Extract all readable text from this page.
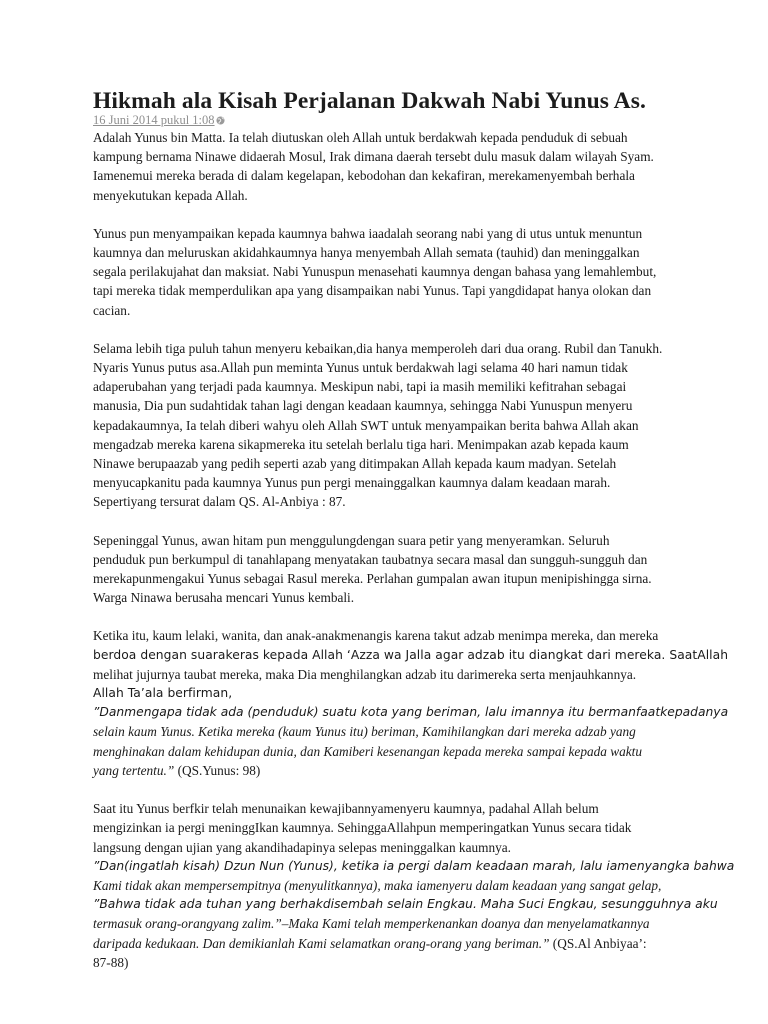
Hikmah ala Kisah Perjalanan Dakwah Nabi Yunus As.
16 Juni 2014 pukul 1:08
Adalah Yunus bin Matta. Ia telah diutuskan oleh Allah untuk berdakwah kepada penduduk di sebuah
kampung bernama Ninawe didaerah Mosul, Irak dimana daerah tersebt dulu masuk dalam wilayah Syam.
Iamenemui mereka berada di dalam kegelapan, kebodohan dan kekafiran, merekamenyembah berhala
menyekutukan kepada Allah.
Yunus pun menyampaikan kepada kaumnya bahwa iaadalah seorang nabi yang di utus untuk menuntun
kaumnya dan meluruskan akidahkaumnya hanya menyembah Allah semata (tauhid) dan meninggalkan
segala perilakujahat dan maksiat. Nabi Yunuspun menasehati kaumnya dengan bahasa yang lemahlembut,
tapi mereka tidak memperdulikan apa yang disampaikan nabi Yunus. Tapi yangdidapat hanya olokan dan
cacian.
Selama lebih tiga puluh tahun menyeru kebaikan,dia hanya memperoleh dari dua orang. Rubil dan Tanukh.
Nyaris Yunus putus asa.Allah pun meminta Yunus untuk berdakwah lagi selama 40 hari namun tidak
adaperubahan yang terjadi pada kaumnya. Meskipun nabi, tapi ia masih memiliki kefitrahan sebagai
manusia, Dia pun sudahtidak tahan lagi dengan keadaan kaumnya, sehingga Nabi Yunuspun menyeru
kepadakaumnya, Ia telah diberi wahyu oleh Allah SWT untuk menyampaikan berita bahwa Allah akan
mengadzab mereka karena sikapmereka itu setelah berlalu tiga hari. Menimpakan azab kepada kaum
Ninawe berupaazab yang pedih seperti azab yang ditimpakan Allah kepada kaum madyan. Setelah
menyucapkanitu pada kaumnya Yunus pun pergi menainggalkan kaumnya dalam keadaan marah.
Sepertiyang tersurat dalam QS. Al-Anbiya : 87.
Sepeninggal Yunus, awan hitam pun menggulungdengan suara petir yang menyeramkan. Seluruh
penduduk pun berkumpul di tanahlapang menyatakan taubatnya secara masal dan sungguh-sungguh dan
merekapunmengakui Yunus sebagai Rasul mereka. Perlahan gumpalan awan itupun menipishingga sirna.
Warga Ninawa berusaha mencari Yunus kembali.
Ketika itu, kaum lelaki, wanita, dan anak-anakmenangis karena takut adzab menimpa mereka, dan mereka
berdoa dengan suarakeras kepada Allah ‘Azza wa Jalla agar adzab itu diangkat dari mereka. SaatAllah
melihat jujurnya taubat mereka, maka Dia menghilangkan adzab itu darimereka serta menjauhkannya.
Allah Ta’ala berfirman,
”Danmengapa tidak ada (penduduk) suatu kota yang beriman, lalu imannya itu bermanfaatkepadanya
selain kaum Yunus. Ketika mereka (kaum Yunus itu) beriman, Kamihilangkan dari mereka adzab yang
menghinakan dalam kehidupan dunia, dan Kamiberi kesenangan kepada mereka sampai kepada waktu
yang tertentu.” (QS.Yunus: 98)
Saat itu Yunus berfkir telah menunaikan kewajibannyamenyeru kaumnya, padahal Allah belum
mengizinkan ia pergi meninggIkan kaumnya. SehinggaAllahpun memperingatkan Yunus secara tidak
langsung dengan ujian yang akandihadapinya selepas meninggalkan kaumnya.
”Dan(ingatlah kisah) Dzun Nun (Yunus), ketika ia pergi dalam keadaan marah, lalu iamenyangka bahwa
Kami tidak akan mempersempitnya (menyulitkannya), maka iamenyeru dalam keadaan yang sangat gelap,
”Bahwa tidak ada tuhan yang berhakdisembah selain Engkau. Maha Suci Engkau, sesungguhnya aku
termasuk orang-orangyang zalim.”–Maka Kami telah memperkenankan doanya dan menyelamatkannya
daripada kedukaan. Dan demikianlah Kami selamatkan orang-orang yang beriman.” (QS.Al Anbiyaa’:
87-88)
